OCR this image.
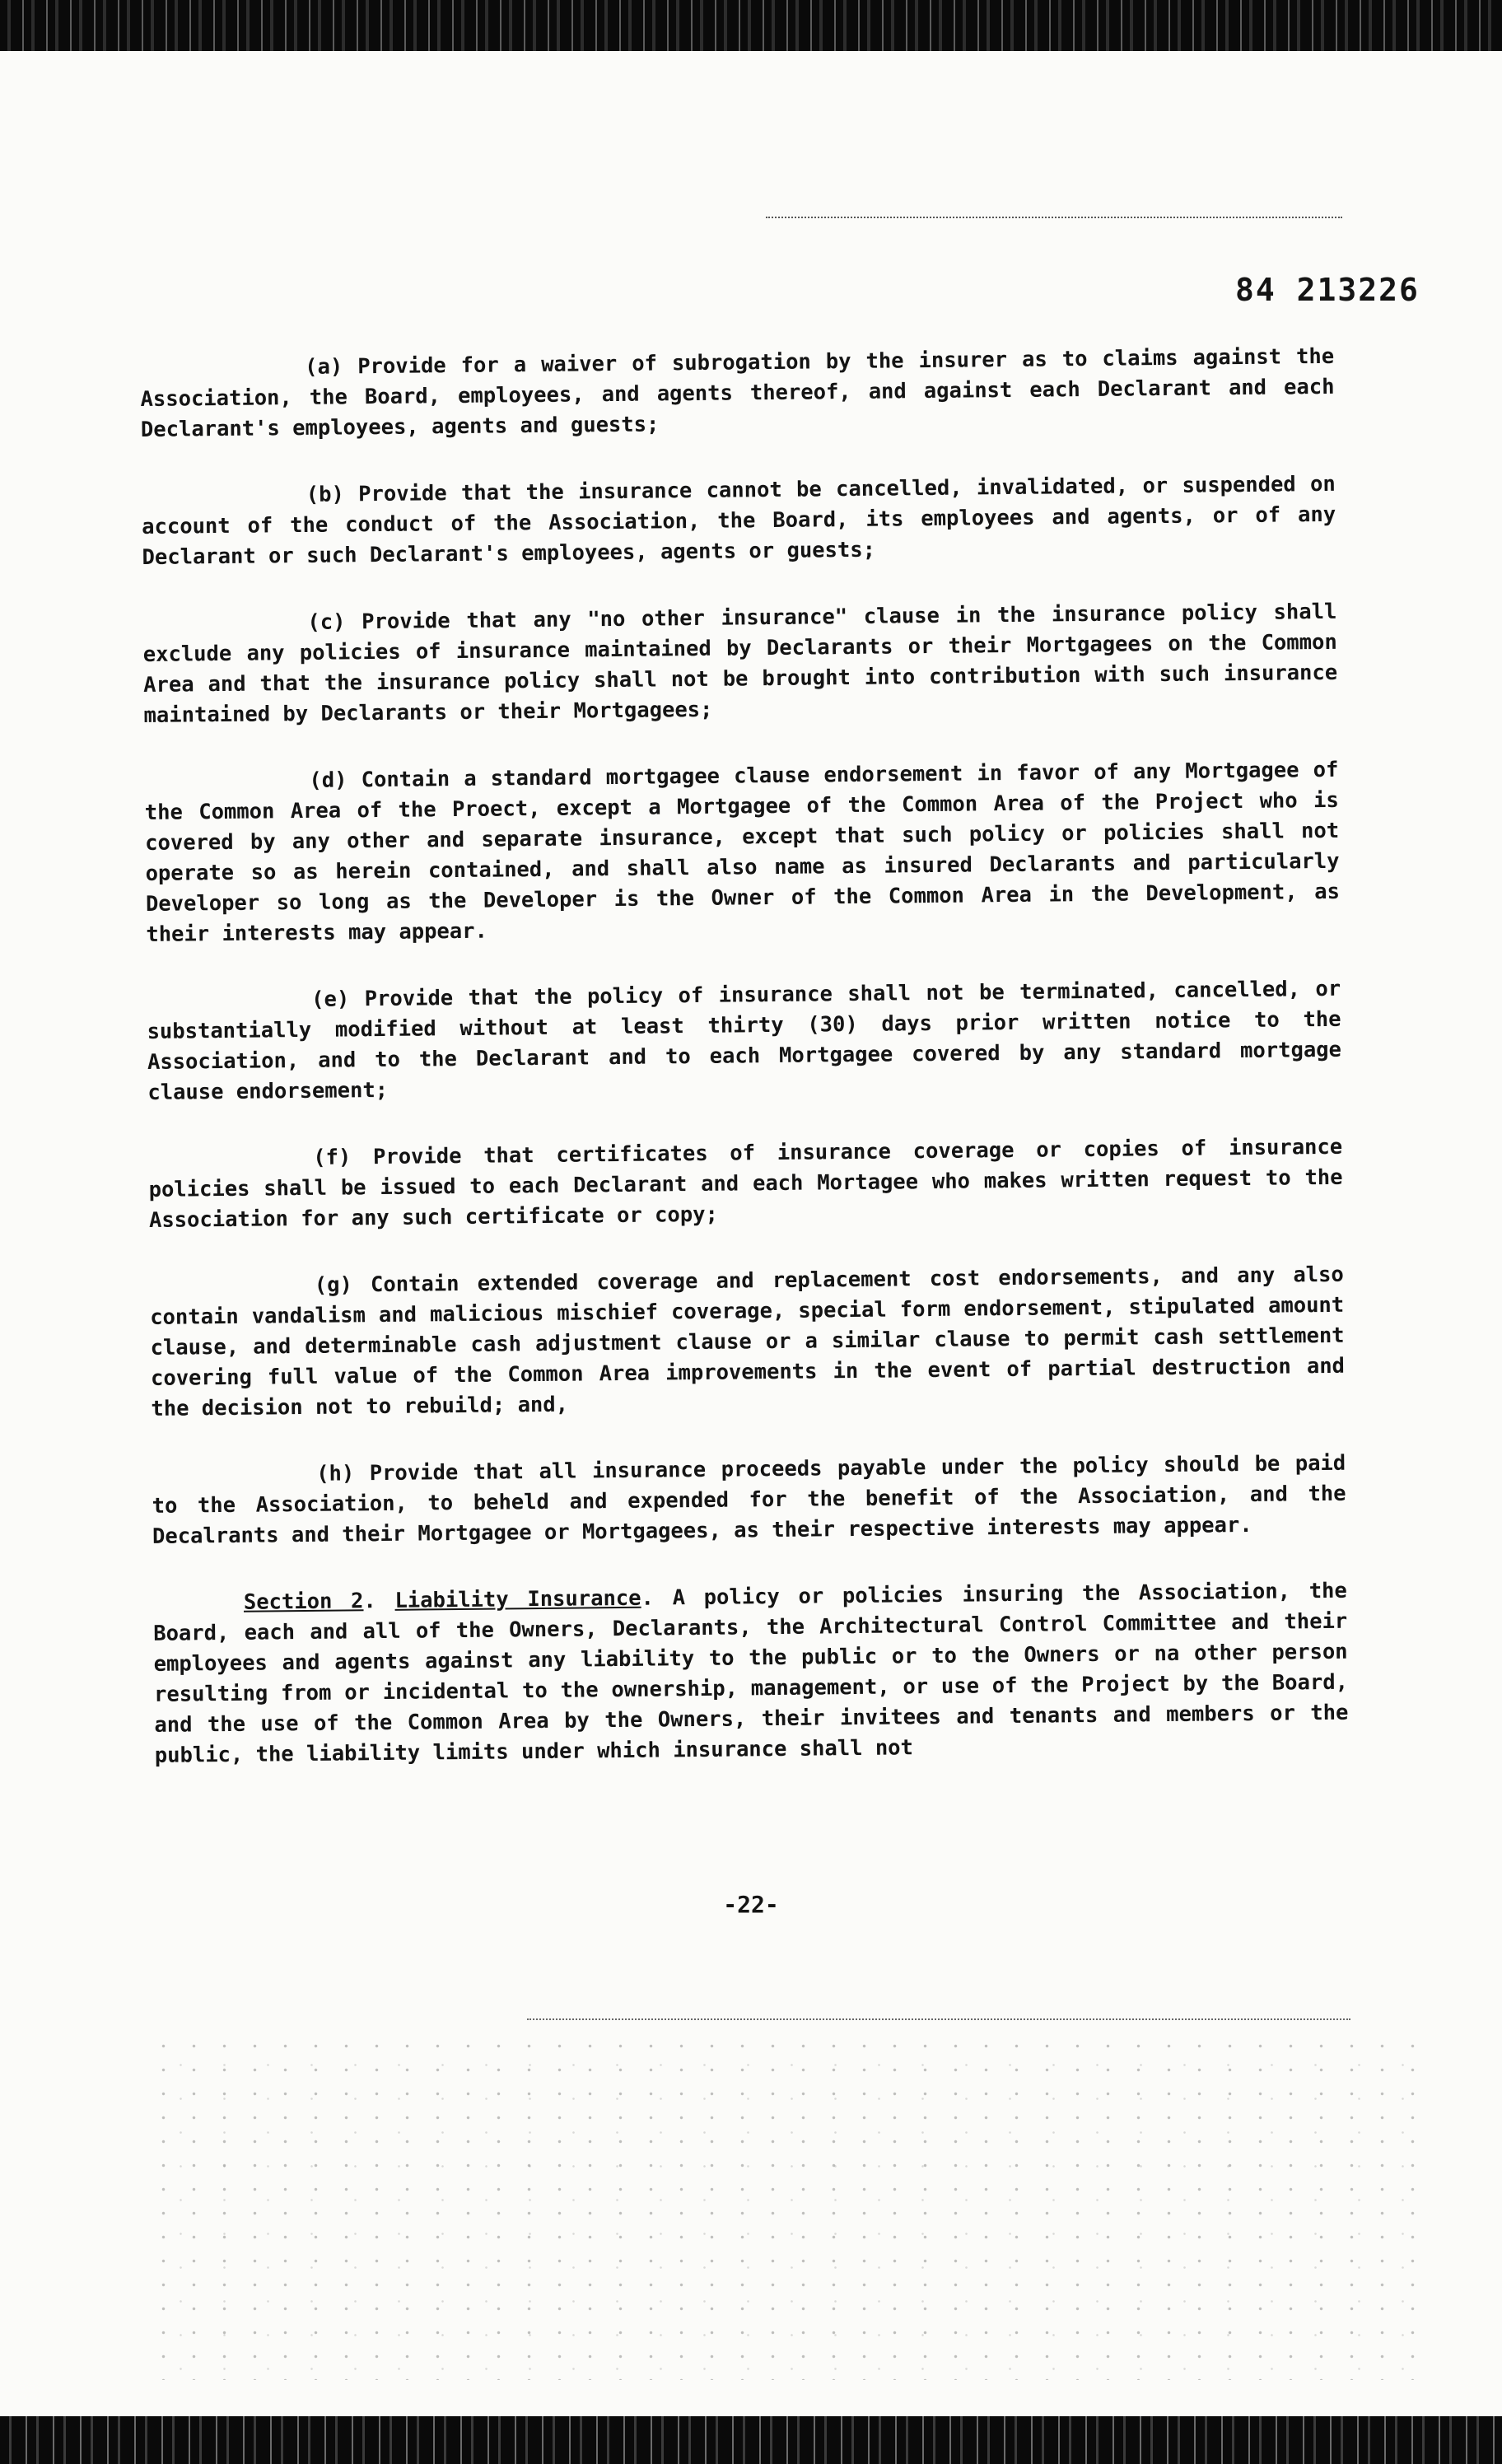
84 213226

(a) Provide for a waiver of subrogation by the insurer as to claims against the Association, the Board, employees, and agents thereof, and against each Declarant and each Declarant's employees, agents and guests;

(b) Provide that the insurance cannot be cancelled, invalidated, or suspended on account of the conduct of the Association, the Board, its employees and agents, or of any Declarant or such Declarant's employees, agents or guests;

(c) Provide that any "no other insurance" clause in the insurance policy shall exclude any policies of insurance maintained by Declarants or their Mortgagees on the Common Area and that the insurance policy shall not be brought into contribution with such insurance maintained by Declarants or their Mortgagees;

(d) Contain a standard mortgagee clause endorsement in favor of any Mortgagee of the Common Area of the Proect, except a Mortgagee of the Common Area of the Project who is covered by any other and separate insurance, except that such policy or policies shall not operate so as herein contained, and shall also name as insured Declarants and particularly Developer so long as the Developer is the Owner of the Common Area in the Development, as their interests may appear.

(e) Provide that the policy of insurance shall not be terminated, cancelled, or substantially modified without at least thirty (30) days prior written notice to the Association, and to the Declarant and to each Mortgagee covered by any standard mortgage clause endorsement;

(f) Provide that certificates of insurance coverage or copies of insurance policies shall be issued to each Declarant and each Mortagee who makes written request to the Association for any such certificate or copy;

(g) Contain extended coverage and replacement cost endorsements, and any also contain vandalism and malicious mischief coverage, special form endorsement, stipulated amount clause, and determinable cash adjustment clause or a similar clause to permit cash settlement covering full value of the Common Area improvements in the event of partial destruction and the decision not to rebuild; and,

(h) Provide that all insurance proceeds payable under the policy should be paid to the Association, to beheld and expended for the benefit of the Association, and the Decalrants and their Mortgagee or Mortgagees, as their respective interests may appear.

Section 2. Liability Insurance. A policy or policies insuring the Association, the Board, each and all of the Owners, Declarants, the Architectural Control Committee and their employees and agents against any liability to the public or to the Owners or na other person resulting from or incidental to the ownership, management, or use of the Project by the Board, and the use of the Common Area by the Owners, their invitees and tenants and members or the public, the liability limits under which insurance shall not

-22-
